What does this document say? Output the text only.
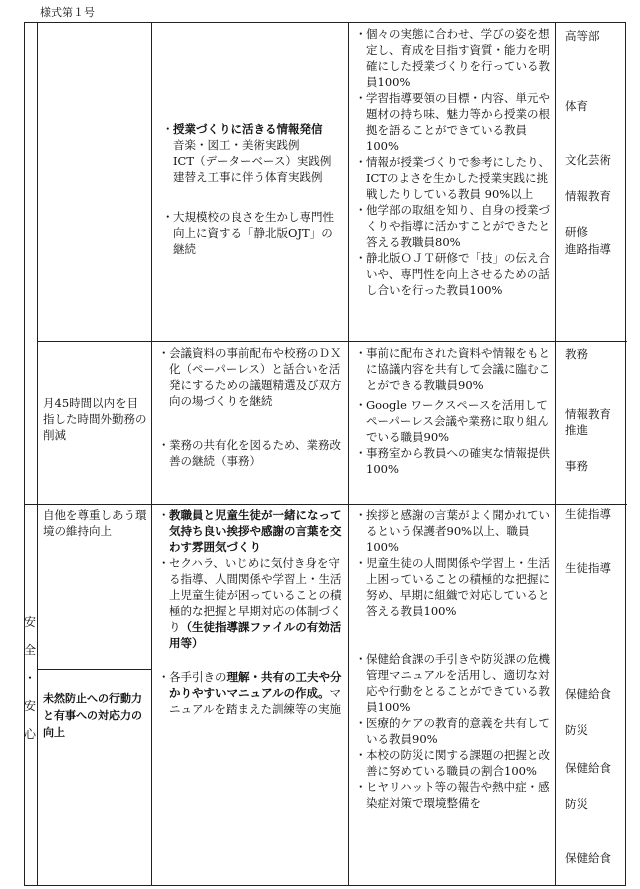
様式第１号
・ 授業づくりに活きる情報発信
音楽・図工・美術実践例
ICT（データーベース）実践例
建替え工事に伴う体育実践例
・ 大規模校の良さを生かし専門性向上に資する「静北版OJT」の継続
・ 個々の実態に合わせ、学びの姿を想定し、育成を目指す資質・能力を明確にした授業づくりを行っている教員100%
・ 学習指導要領の目標・内容、単元や題材の持ち味、魅力等から授業の根拠を語ることができている教員100%
・ 情報が授業づくりで参考にしたり、ICTのよさを生かした授業実践に挑戦したりしている教員 90%以上
・ 他学部の取組を知り、自身の授業づくりや指導に活かすことができたと答える教職員80%
・ 静北版ＯＪＴ研修で「技」の伝え合いや、専門性を向上させるための話し合いを行った教員100%
高等部
体育
文化芸術
情報教育
研修
進路指導
月45時間以内を目指した時間外勤務の削減
・ 会議資料の事前配布や校務のＤＸ化（ペーパーレス）と話合いを活発にするための議題精選及び双方向の場づくりを継続
・ 業務の共有化を図るため、業務改善の継続（事務）
・ 事前に配布された資料や情報をもとに協議内容を共有して会議に臨むことができる教職員90%
・ Google ワークスペースを活用してペーパーレス会議や業務に取り組んでいる職員90%
・ 事務室から教員への確実な情報提供100%
教務
情報教育
推進
事務
安
全
・
安
心
自他を尊重しあう環境の維持向上
未然防止への行動力と有事への対応力の向上
・ 教職員と児童生徒が一緒になって気持ち良い挨拶や感謝の言葉を交わす雰囲気づくり
・ セクハラ、いじめに気付き身を守る指導、人間関係や学習上・生活上児童生徒が困っていることの積極的な把握と早期対応の体制づくり（生徒指導課ファイルの有効活用等）
・ 各手引きの理解・共有の工夫や分かりやすいマニュアルの作成。マニュアルを踏まえた訓練等の実施
・ 挨拶と感謝の言葉がよく聞かれているという保護者90%以上、職員100%
・ 児童生徒の人間関係や学習上・生活上困っていることの積極的な把握に努め、早期に組織で対応していると答える教員100%
・ 保健給食課の手引きや防災課の危機管理マニュアルを活用し、適切な対応や行動をとることができている教員100%
・ 医療的ケアの教育的意義を共有している教員90%
・ 本校の防災に関する課題の把握と改善に努めている職員の割合100%
・ ヒヤリハット等の報告や熱中症・感染症対策で環境整備を
生徒指導
生徒指導
保健給食
防災
保健給食
防災
保健給食
